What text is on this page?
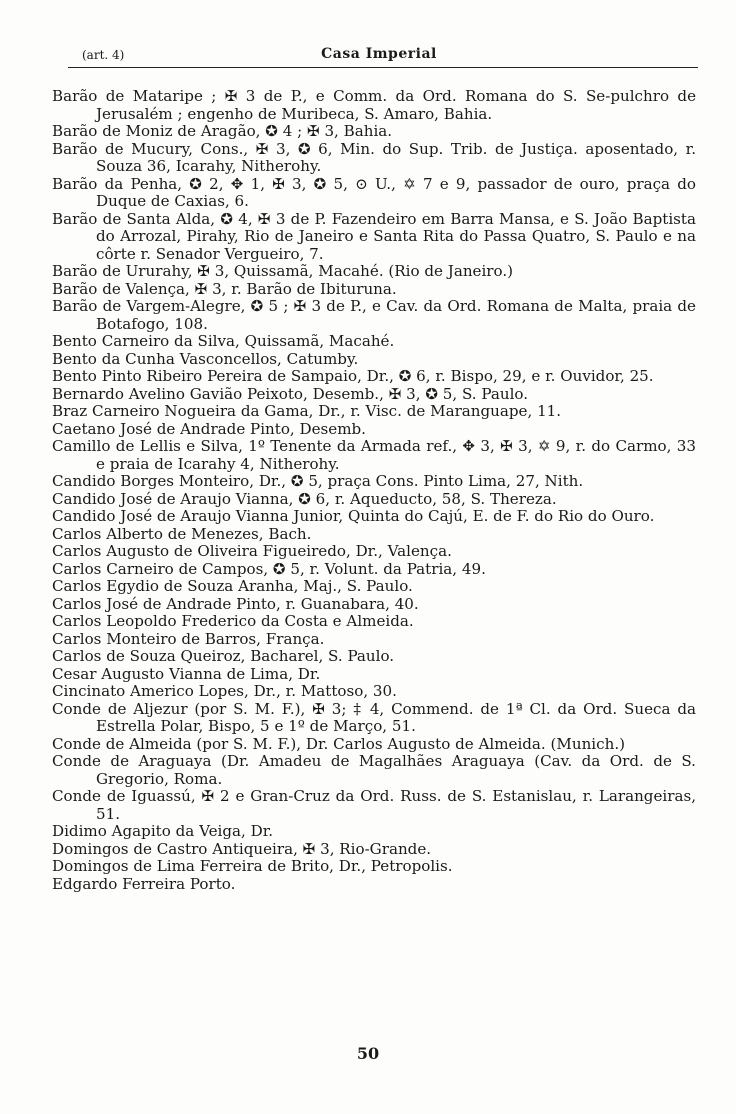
(art. 4)	Casa Imperial

Barão de Mataripe ; ✠ 3 de P., e Comm. da Ord. Romana do S. Se-pulchro de Jerusalém ; engenho de Muribeca, S. Amaro, Bahia.

Barão de Moniz de Aragão, ✪ 4 ; ✠ 3, Bahia.

Barão de Mucury, Cons., ✠ 3, ✪ 6, Min. do Sup. Trib. de Justiça. aposentado, r. Souza 36, Icarahy, Nitherohy.

Barão da Penha, ✪ 2, ✥ 1, ✠ 3, ✪ 5, ⊙ U., ✡ 7 e 9, passador de ouro, praça do Duque de Caxias, 6.

Barão de Santa Alda, ✪ 4, ✠ 3 de P. Fazendeiro em Barra Mansa, e S. João Baptista do Arrozal, Pirahy, Rio de Janeiro e Santa Rita do Passa Quatro, S. Paulo e na côrte r. Senador Vergueiro, 7.

Barão de Ururahy, ✠ 3, Quissamã, Macahé. (Rio de Janeiro.)

Barão de Valença, ✠ 3, r. Barão de Ibituruna.

Barão de Vargem-Alegre, ✪ 5 ; ✠ 3 de P., e Cav. da Ord. Romana de Malta, praia de Botafogo, 108.

Bento Carneiro da Silva, Quissamã, Macahé.

Bento da Cunha Vasconcellos, Catumby.

Bento Pinto Ribeiro Pereira de Sampaio, Dr., ✪ 6, r. Bispo, 29, e r. Ouvidor, 25.

Bernardo Avelino Gavião Peixoto, Desemb., ✠ 3, ✪ 5, S. Paulo.

Braz Carneiro Nogueira da Gama, Dr., r. Visc. de Maranguape, 11.

Caetano José de Andrade Pinto, Desemb.

Camillo de Lellis e Silva, 1º Tenente da Armada ref., ✥ 3, ✠ 3, ✡ 9, r. do Carmo, 33 e praia de Icarahy 4, Nitherohy.

Candido Borges Monteiro, Dr., ✪ 5, praça Cons. Pinto Lima, 27, Nith.

Candido José de Araujo Vianna, ✪ 6, r. Aqueducto, 58, S. Thereza.

Candido José de Araujo Vianna Junior, Quinta do Cajú, E. de F. do Rio do Ouro.

Carlos Alberto de Menezes, Bach.

Carlos Augusto de Oliveira Figueiredo, Dr., Valença.

Carlos Carneiro de Campos, ✪ 5, r. Volunt. da Patria, 49.

Carlos Egydio de Souza Aranha, Maj., S. Paulo.

Carlos José de Andrade Pinto, r. Guanabara, 40.

Carlos Leopoldo Frederico da Costa e Almeida.

Carlos Monteiro de Barros, França.

Carlos de Souza Queiroz, Bacharel, S. Paulo.

Cesar Augusto Vianna de Lima, Dr.

Cincinato Americo Lopes, Dr., r. Mattoso, 30.

Conde de Aljezur (por S. M. F.), ✠ 3; ‡ 4, Commend. de 1ª Cl. da Ord. Sueca da Estrella Polar, Bispo, 5 e 1º de Março, 51.

Conde de Almeida (por S. M. F.), Dr. Carlos Augusto de Almeida. (Munich.)

Conde de Araguaya (Dr. Amadeu de Magalhães Araguaya (Cav. da Ord. de S. Gregorio, Roma.

Conde de Iguassú, ✠ 2 e Gran-Cruz da Ord. Russ. de S. Estanislau, r. Larangeiras, 51.

Didimo Agapito da Veiga, Dr.

Domingos de Castro Antiqueira, ✠ 3, Rio-Grande.

Domingos de Lima Ferreira de Brito, Dr., Petropolis.

Edgardo Ferreira Porto.

50
